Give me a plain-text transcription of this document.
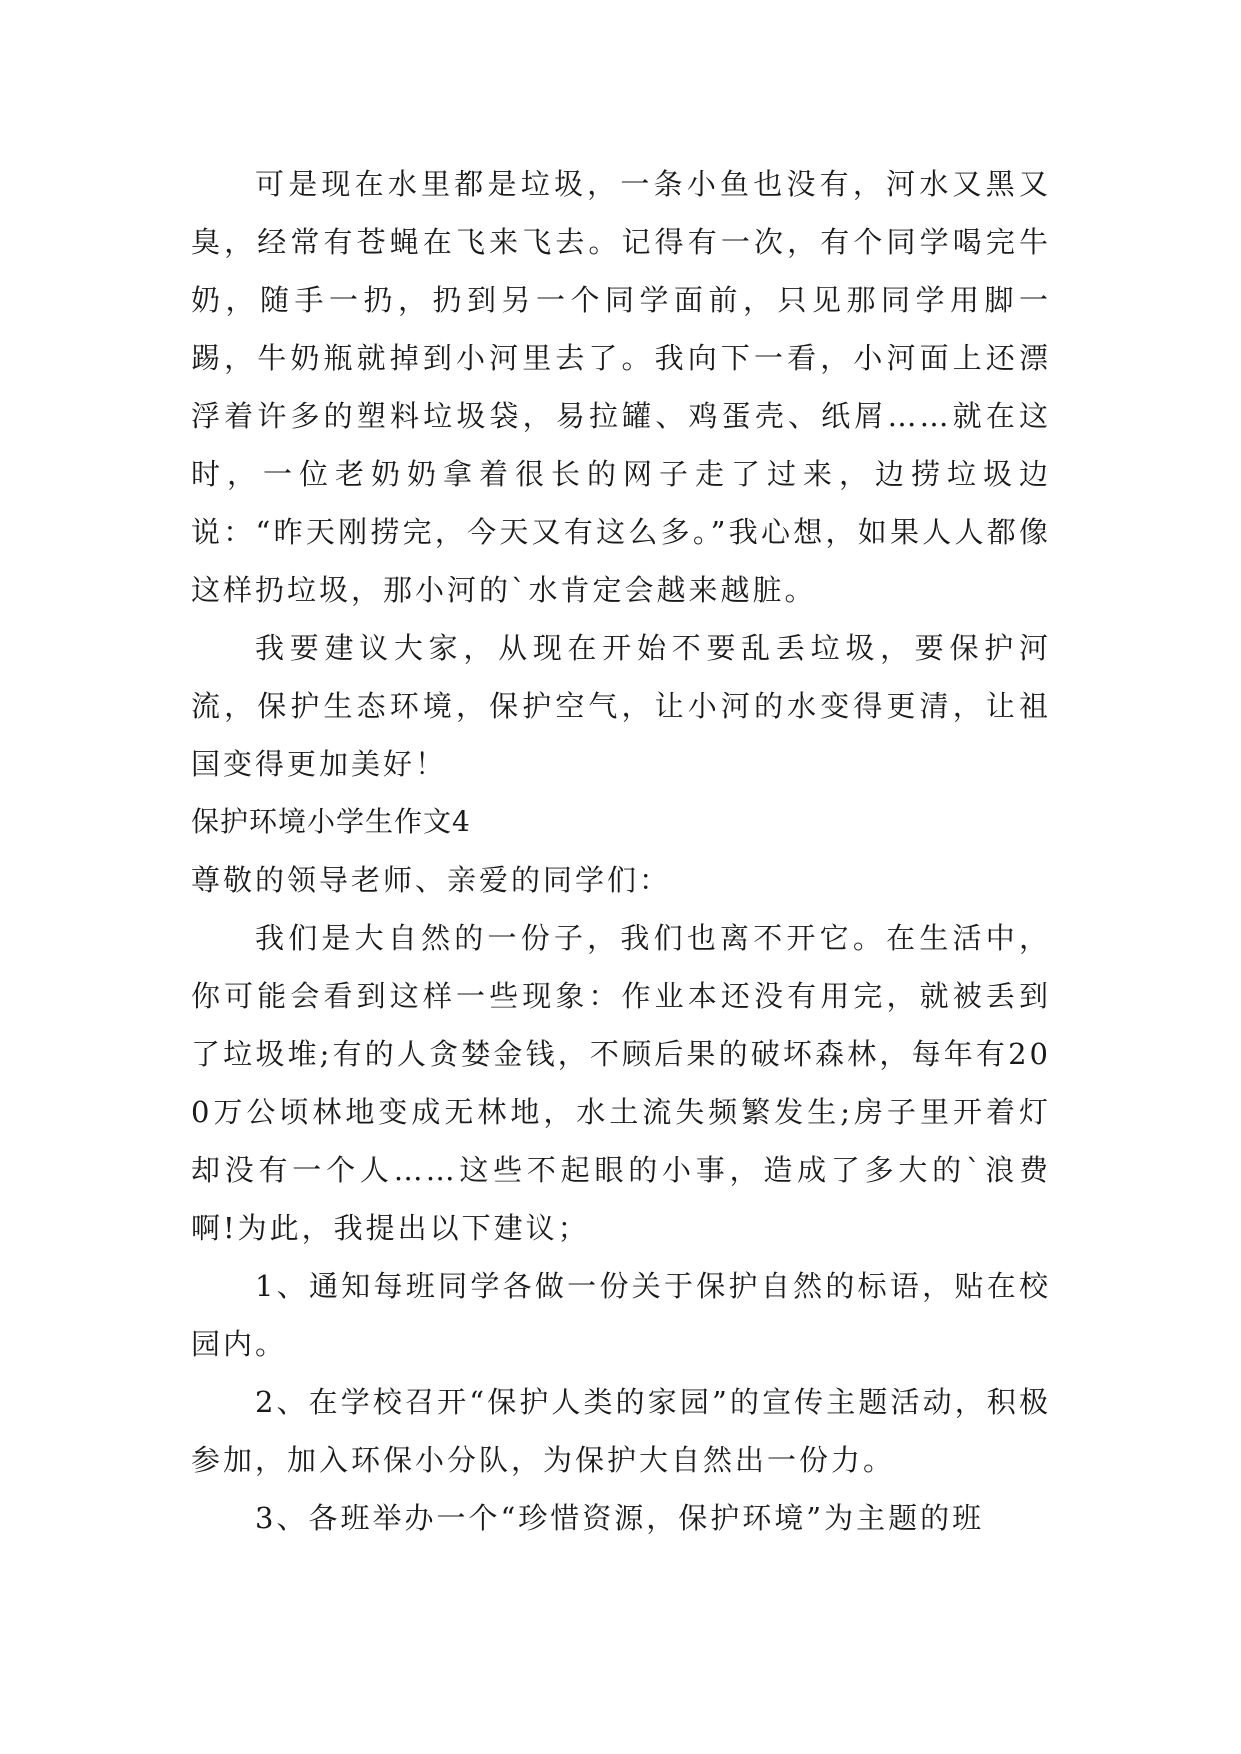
可是现在水里都是垃圾，一条小鱼也没有，河水又黑又臭，经常有苍蝇在飞来飞去。记得有一次，有个同学喝完牛奶，随手一扔，扔到另一个同学面前，只见那同学用脚一踢，牛奶瓶就掉到小河里去了。我向下一看，小河面上还漂浮着许多的塑料垃圾袋，易拉罐、鸡蛋壳、纸屑……就在这时，一位老奶奶拿着很长的网子走了过来，边捞垃圾边说：“昨天刚捞完，今天又有这么多。”我心想，如果人人都像这样扔垃圾，那小河的`水肯定会越来越脏。

我要建议大家，从现在开始不要乱丢垃圾，要保护河流，保护生态环境，保护空气，让小河的水变得更清，让祖国变得更加美好！

保护环境小学生作文4

尊敬的领导老师、亲爱的同学们：

我们是大自然的一份子，我们也离不开它。在生活中，你可能会看到这样一些现象：作业本还没有用完，就被丢到了垃圾堆;有的人贪婪金钱，不顾后果的破坏森林，每年有200万公顷林地变成无林地，水土流失频繁发生;房子里开着灯却没有一个人……这些不起眼的小事，造成了多大的`浪费啊!为此，我提出以下建议；

1、通知每班同学各做一份关于保护自然的标语，贴在校园内。

2、在学校召开“保护人类的家园”的宣传主题活动，积极参加，加入环保小分队，为保护大自然出一份力。

3、各班举办一个“珍惜资源，保护环境”为主题的班
